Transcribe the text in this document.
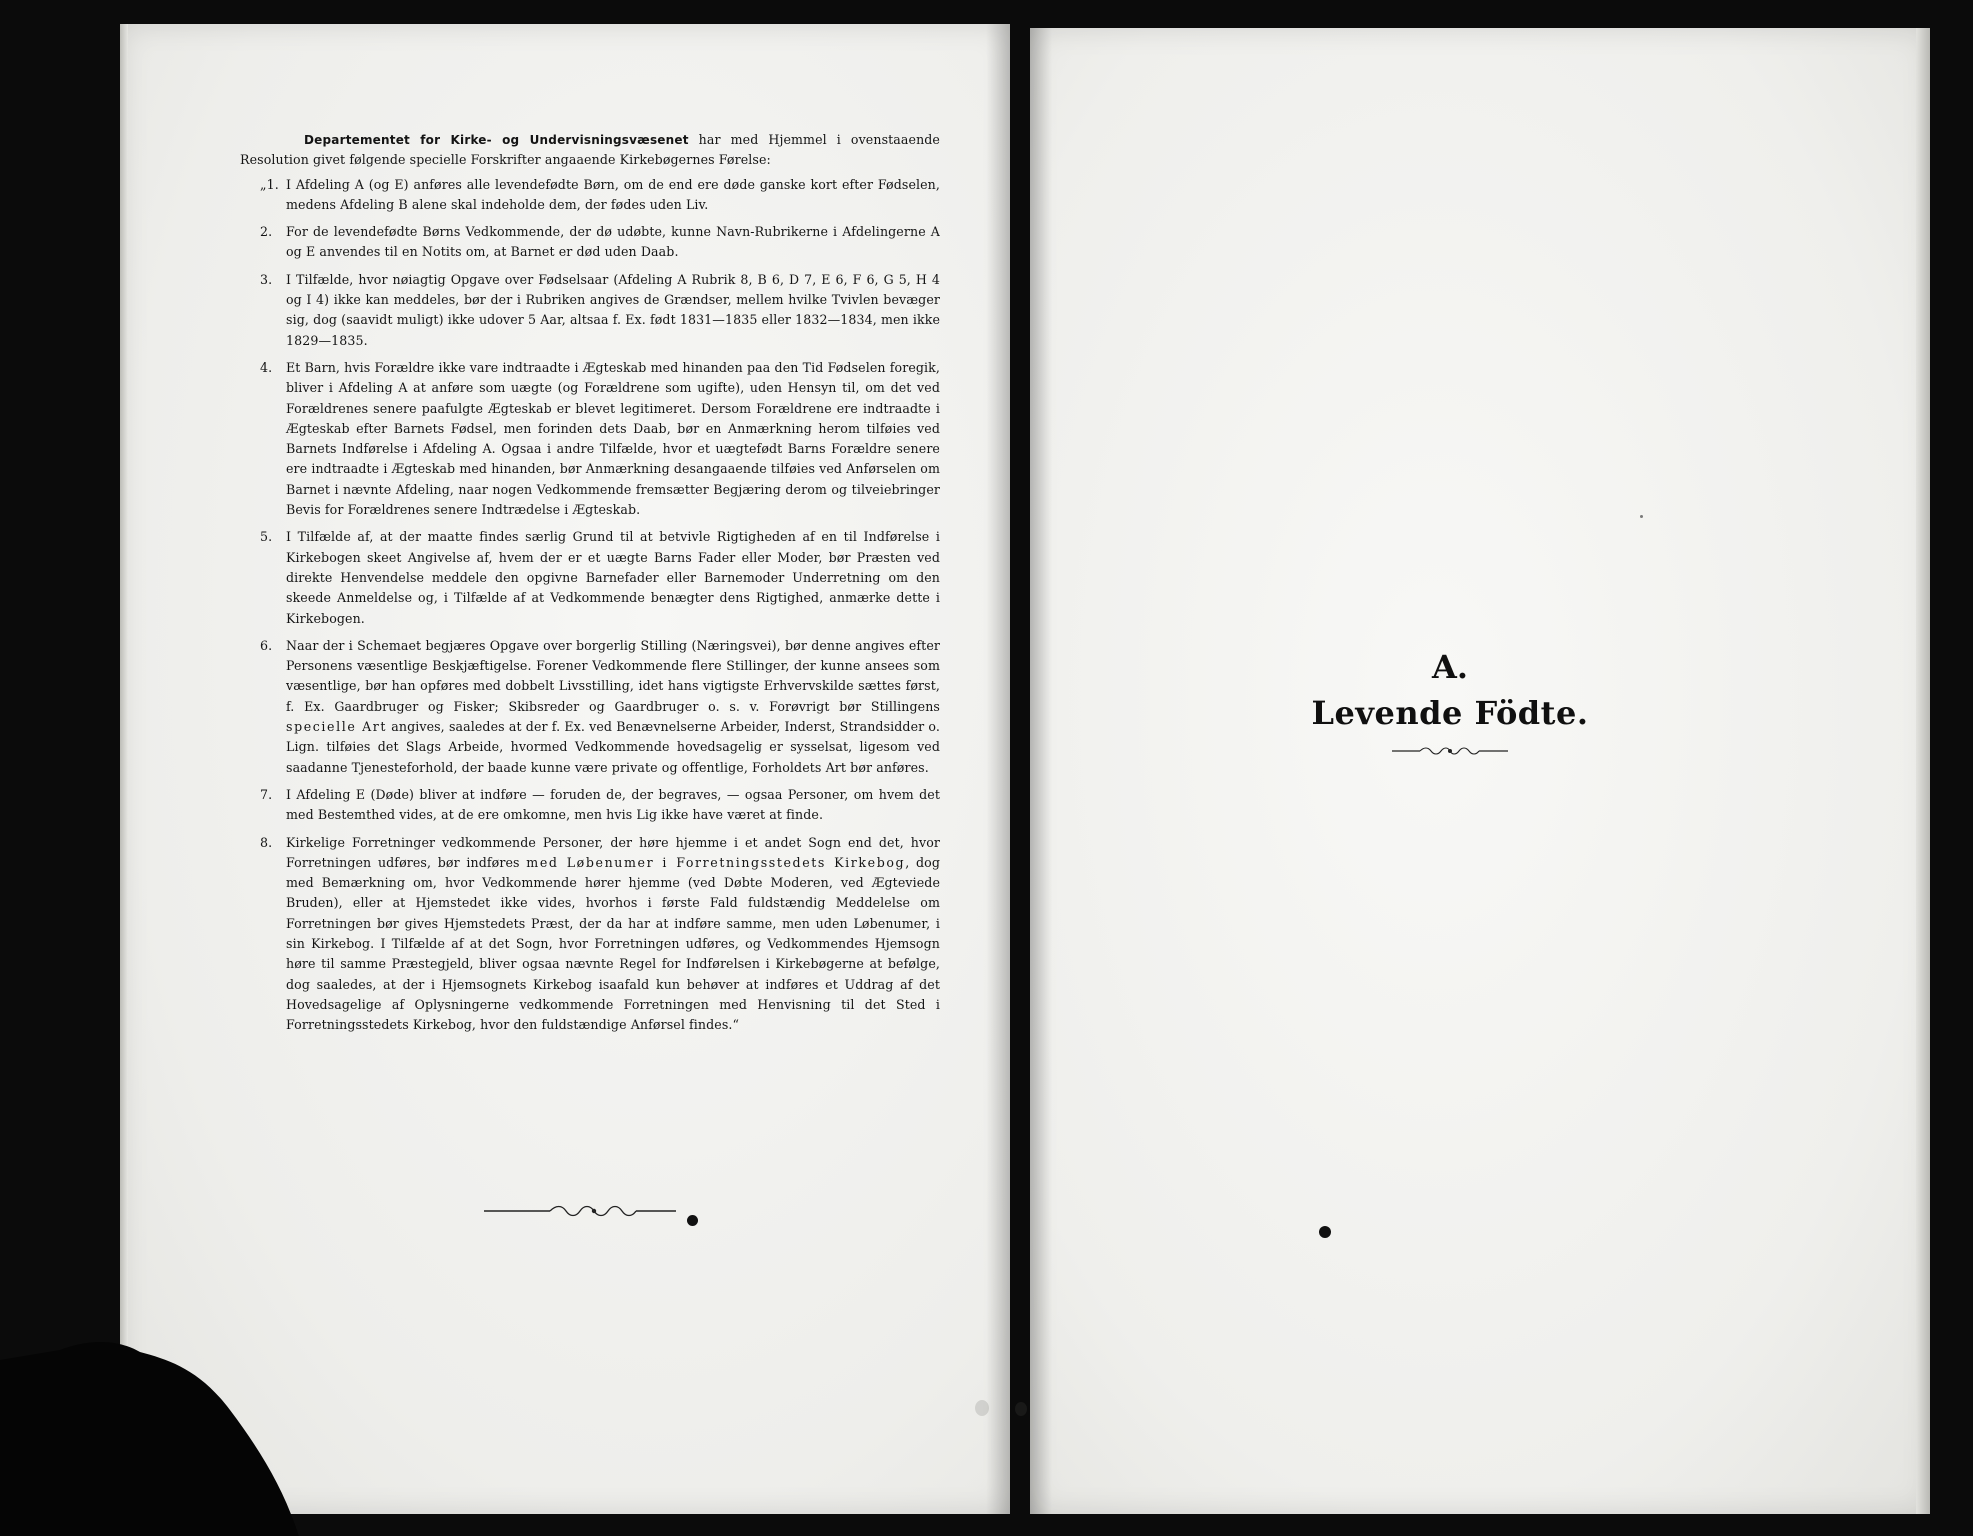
Departementet for Kirke- og Undervisningsvæsenet har med Hjemmel i ovenstaaende Resolution givet følgende specielle Forskrifter angaaende Kirkebøgernes Førelse:

„1. I Afdeling A (og E) anføres alle levendefødte Børn, om de end ere døde ganske kort efter Fødselen, medens Afdeling B alene skal indeholde dem, der fødes uden Liv.
2.	For de levendefødte Børns Vedkommende, der dø udøbte, kunne Navn-Rubrikerne i Afdelingerne A og E anvendes til en Notits om, at Barnet er død uden Daab.
3.	I Tilfælde, hvor nøiagtig Opgave over Fødselsaar (Afdeling A Rubrik 8, B 6, D 7, E 6, F 6, G 5, H 4 og I 4) ikke kan meddeles, bør der i Rubriken angives de Grændser, mellem hvilke Tvivlen bevæger sig, dog (saavidt muligt) ikke udover 5 Aar, altsaa f. Ex. født 1831—1835 eller 1832—1834, men ikke 1829—1835.
4.	Et Barn, hvis Forældre ikke vare indtraadte i Ægteskab med hinanden paa den Tid Fødselen foregik, bliver i Afdeling A at anføre som uægte (og Forældrene som ugifte), uden Hensyn til, om det ved Forældrenes senere paafulgte Ægteskab er blevet legitimeret. Dersom Forældrene ere indtraadte i Ægteskab efter Barnets Fødsel, men forinden dets Daab, bør en Anmærkning herom tilføies ved Barnets Indførelse i Afdeling A. Ogsaa i andre Tilfælde, hvor et uægtefødt Barns Forældre senere ere indtraadte i Ægteskab med hinanden, bør Anmærkning desangaaende tilføies ved Anførselen om Barnet i nævnte Afdeling, naar nogen Vedkommende fremsætter Begjæring derom og tilveiebringer Bevis for Forældrenes senere Indtrædelse i Ægteskab.
5.	I Tilfælde af, at der maatte findes særlig Grund til at betvivle Rigtigheden af en til Indførelse i Kirkebogen skeet Angivelse af, hvem der er et uægte Barns Fader eller Moder, bør Præsten ved direkte Henvendelse meddele den opgivne Barnefader eller Barnemoder Underretning om den skeede Anmeldelse og, i Tilfælde af at Vedkommende benægter dens Rigtighed, anmærke dette i Kirkebogen.
6.	Naar der i Schemaet begjæres Opgave over borgerlig Stilling (Næringsvei), bør denne angives efter Personens væsentlige Beskjæftigelse. Forener Vedkommende flere Stillinger, der kunne ansees som væsentlige, bør han opføres med dobbelt Livsstilling, idet hans vigtigste Erhvervskilde sættes først, f. Ex. Gaardbruger og Fisker; Skibsreder og Gaardbruger o. s. v. Forøvrigt bør Stillingens specielle Art angives, saaledes at der f. Ex. ved Benævnelserne Arbeider, Inderst, Strandsidder o. Lign. tilføies det Slags Arbeide, hvormed Vedkommende hovedsagelig er sysselsat, ligesom ved saadanne Tjenesteforhold, der baade kunne være private og offentlige, Forholdets Art bør anføres.
7.	I Afdeling E (Døde) bliver at indføre — foruden de, der begraves, — ogsaa Personer, om hvem det med Bestemthed vides, at de ere omkomne, men hvis Lig ikke have været at finde.
8.	Kirkelige Forretninger vedkommende Personer, der høre hjemme i et andet Sogn end det, hvor Forretningen udføres, bør indføres med Løbenumer i Forretningsstedets Kirkebog, dog med Bemærkning om, hvor Vedkommende hører hjemme (ved Døbte Moderen, ved Ægteviede Bruden), eller at Hjemstedet ikke vides, hvorhos i første Fald fuldstændig Meddelelse om Forretningen bør gives Hjemstedets Præst, der da har at indføre samme, men uden Løbenumer, i sin Kirkebog. I Tilfælde af at det Sogn, hvor Forretningen udføres, og Vedkommendes Hjemsogn høre til samme Præstegjeld, bliver ogsaa nævnte Regel for Indførelsen i Kirkebøgerne at befølge, dog saaledes, at der i Hjemsognets Kirkebog isaafald kun behøver at indføres et Uddrag af det Hovedsagelige af Oplysningerne vedkommende Forretningen med Henvisning til det Sted i Forretningsstedets Kirkebog, hvor den fuldstændige Anførsel findes.“
A.
Levende Födte.
